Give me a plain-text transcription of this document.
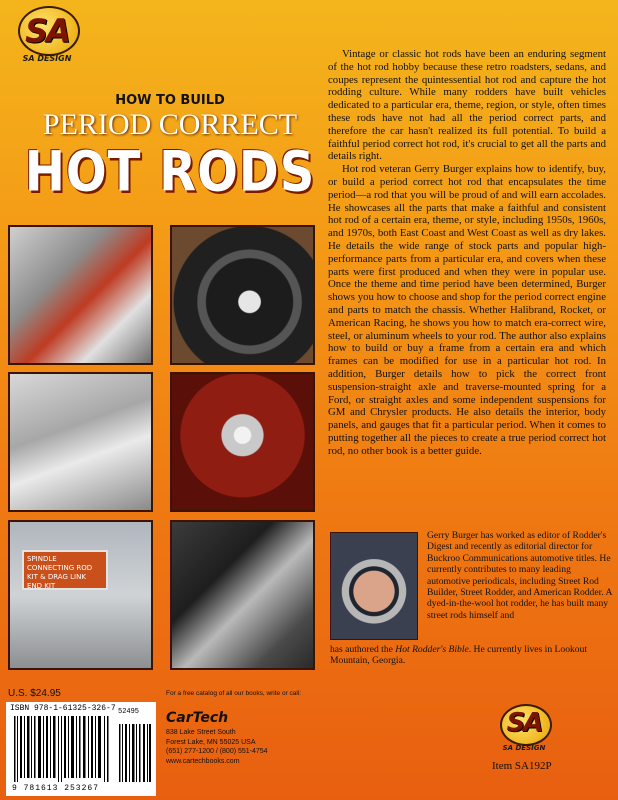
SA
SA DESIGN
HOW TO BUILD
PERIOD CORRECT
HOT RODS
SPINDLE CONNECTING ROD KIT & DRAG LINK END KIT

Vintage or classic hot rods have been an enduring segment of the hot rod hobby because these retro roadsters, sedans, and coupes represent the quintessential hot rod and capture the hot rodding culture. While many rodders have built vehicles dedicated to a particular era, theme, region, or style, often times these rods have not had all the period correct parts, and therefore the car hasn't realized its full potential. To build a faithful period correct hot rod, it's crucial to get all the parts and details right.

Hot rod veteran Gerry Burger explains how to identify, buy, or build a period correct hot rod that encapsulates the time period—a rod that you will be proud of and will earn accolades. He showcases all the parts that make a faithful and consistent hot rod of a certain era, theme, or style, including 1950s, 1960s, and 1970s, both East Coast and West Coast as well as dry lakes. He details the wide range of stock parts and popular high-performance parts from a particular era, and covers when these parts were first produced and when they were in popular use. Once the theme and time period have been determined, Burger shows you how to choose and shop for the period correct engine and parts to match the chassis. Whether Halibrand, Rocket, or American Racing, he shows you how to match era-correct wire, steel, or aluminum wheels to your rod. The author also explains how to build or buy a frame from a certain era and which frames can be modified for use in a particular hot rod. In addition, Burger details how to pick the correct front suspension-straight axle and traverse-mounted spring for a Ford, or straight axles and some independent suspensions for GM and Chrysler products. He also details the interior, body panels, and gauges that fit a particular period. When it comes to putting together all the pieces to create a true period correct hot rod, no other book is a better guide.

Gerry Burger has worked as editor of Rodder's Digest and recently as editorial director for Buckroo Communications automotive titles. He currently contributes to many leading automotive periodicals, including Street Rod Builder, Street Rodder, and American Rodder. A dyed-in-the-wool hot rodder, he has built many street rods himself and
has authored the Hot Rodder's Bible. He currently lives in Lookout Mountain, Georgia.
U.S. $24.95
ISBN 978-1-61325-326-7
9 781613 253267
52495
For a free catalog of all our books, write or call:
CarTech
838 Lake Street South
Forest Lake, MN 55025 USA
(651) 277-1200 / (800) 551-4754
www.cartechbooks.com
SA
SA DESIGN
Item SA192P
